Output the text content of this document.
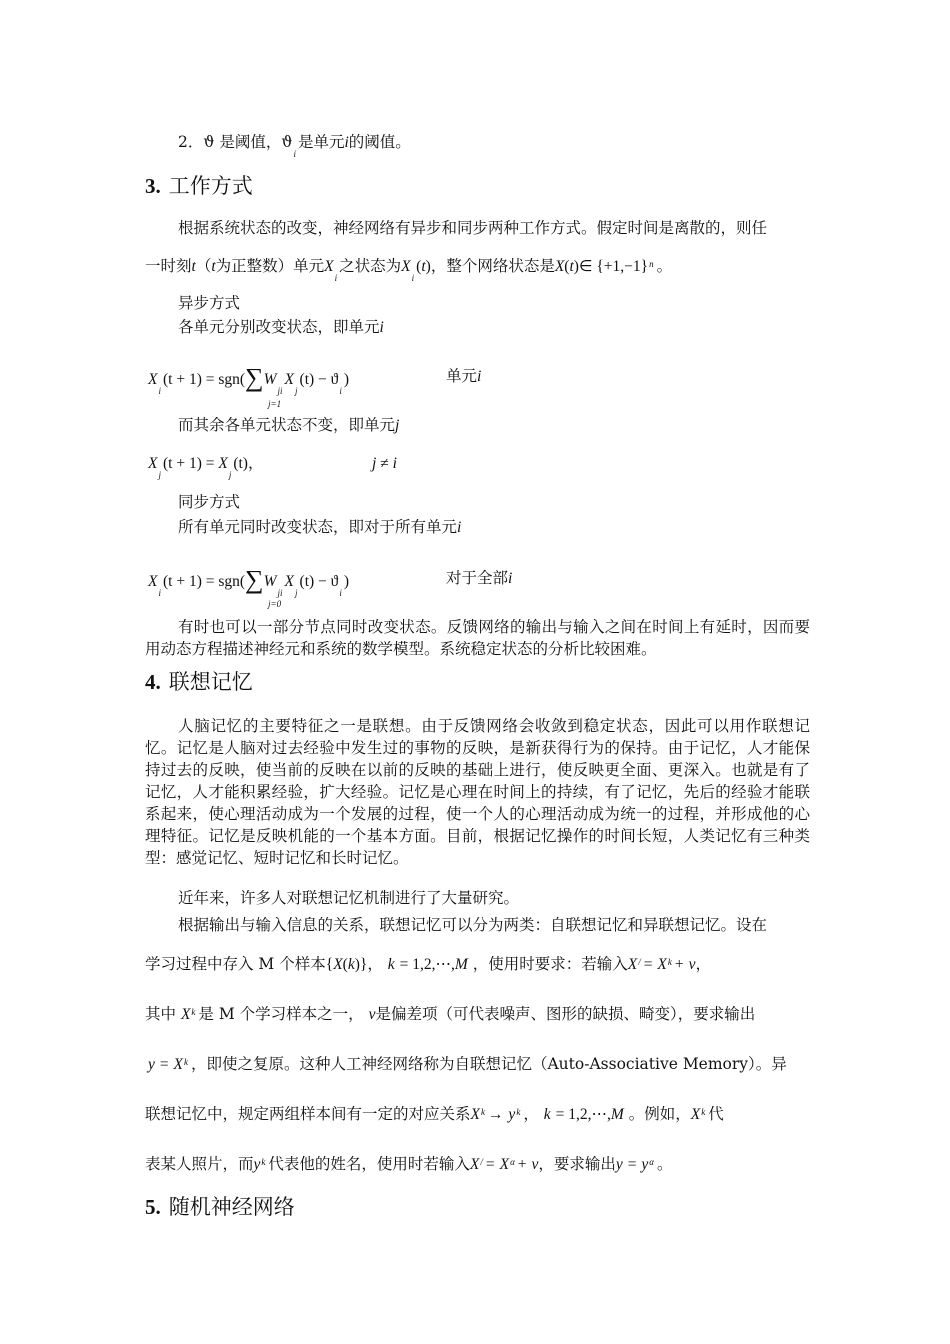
2．ϑ 是阈值，$ϑ_i$是单元i的阈值。
3. 工作方式
根据系统状态的改变，神经网络有异步和同步两种工作方式。假定时间是离散的，则任
一时刻t（t为正整数）单元$X_i$之状态为$X_i(t)$，整个网络状态是X(t)∈ $\{+1,-1\}^n$ 。
异步方式
各单元分别改变状态，即单元i
$X_i(t + 1) = sgn(\sum W_{ji}X_j(t) - ϑ_i)$
j=1
单元i
而其余各单元状态不变，即单元j
$X_j(t + 1) = X_j(t)$，	j ≠ i
同步方式
所有单元同时改变状态，即对于所有单元i
$X_i(t + 1) = sgn(\sum W_{ji}X_j(t) - ϑ_i)$
j=0
对于全部i
有时也可以一部分节点同时改变状态。反馈网络的输出与输入之间在时间上有延时，因而要用动态方程描述神经元和系统的数学模型。系统稳定状态的分析比较困难。
4. 联想记忆
人脑记忆的主要特征之一是联想。由于反馈网络会收敛到稳定状态，因此可以用作联想记忆。记忆是人脑对过去经验中发生过的事物的反映，是新获得行为的保持。由于记忆，人才能保持过去的反映，使当前的反映在以前的反映的基础上进行，使反映更全面、更深入。也就是有了记忆，人才能积累经验，扩大经验。记忆是心理在时间上的持续，有了记忆，先后的经验才能联系起来，使心理活动成为一个发展的过程，使一个人的心理活动成为统一的过程，并形成他的心理特征。记忆是反映机能的一个基本方面。目前，根据记忆操作的时间长短，人类记忆有三种类型：感觉记忆、短时记忆和长时记忆。
近年来，许多人对联想记忆机制进行了大量研究。
根据输出与输入信息的关系，联想记忆可以分为两类：自联想记忆和异联想记忆。设在
学习过程中存入 M 个样本{X(k)}， k = 1,2,⋯,M ，使用时要求：若输入$X^/ = X^k + v$，
其中 $X^k$ 是 M 个学习样本之一， v是偏差项（可代表噪声、图形的缺损、畸变），要求输出
$y = X^k$ ，即使之复原。这种人工神经网络称为自联想记忆（Auto-Associative Memory）。异
联想记忆中，规定两组样本间有一定的对应关系$X^k \to y^k$ ， k = 1,2,⋯,M 。例如，$X^k$ 代
表某人照片，而$y^k$ 代表他的姓名，使用时若输入$X^/ = X^\alpha + v$，要求输出$y = y^\alpha$ 。
5. 随机神经网络
